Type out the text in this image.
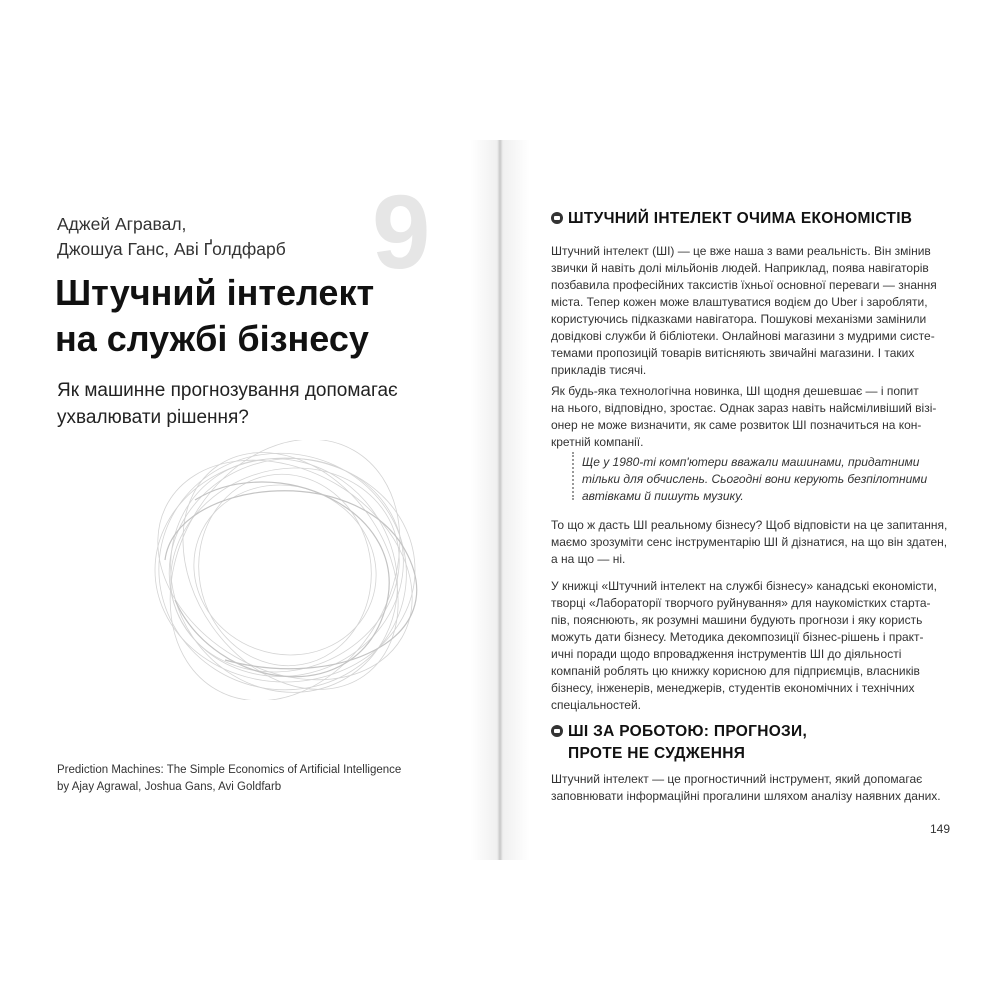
9
Аджей Агравал,
Джошуа Ганс, Аві Ґолдфарб
Штучний інтелект
на службі бізнесу
Як машинне прогнозування допомагає
ухвалювати рішення?
Prediction Machines: The Simple Economics of Artificial Intelligence
by Ajay Agrawal, Joshua Gans, Avi Goldfarb
ШТУЧНИЙ ІНТЕЛЕКТ ОЧИМА ЕКОНОМІСТІВ
Штучний інтелект (ШІ) — це вже наша з вами реальність. Він змінив
звички й навіть долі мільйонів людей. Наприклад, поява навігаторів
позбавила професійних таксистів їхньої основної переваги — знання
міста. Тепер кожен може влаштуватися водієм до Uber і заробляти,
користуючись підказками навігатора. Пошукові механізми замінили
довідкові служби й бібліотеки. Онлайнові магазини з мудрими систе-
темами пропозицій товарів витісняють звичайні магазини. І таких
прикладів тисячі.
Як будь-яка технологічна новинка, ШІ щодня дешевшає — і попит
на нього, відповідно, зростає. Однак зараз навіть найсміливіший візі-
онер не може визначити, як саме розвиток ШІ позначиться на кон-
кретній компанії.
Ще у 1980-ті комп'ютери вважали машинами, придатними
тільки для обчислень. Сьогодні вони керують безпілотними
автівками й пишуть музику.
То що ж дасть ШІ реальному бізнесу? Щоб відповісти на це запитання,
маємо зрозуміти сенс інструментарію ШІ й дізнатися, на що він здатен,
а на що — ні.
У книжці «Штучний інтелект на службі бізнесу» канадські економісти,
творці «Лабораторії творчого руйнування» для наукомістких старта-
пів, пояснюють, як розумні машини будують прогнози і яку користь
можуть дати бізнесу. Методика декомпозиції бізнес-рішень і практ-
ичні поради щодо впровадження інструментів ШІ до діяльності
компаній роблять цю книжку корисною для підприємців, власників
бізнесу, інженерів, менеджерів, студентів економічних і технічних
спеціальностей.
ШІ ЗА РОБОТОЮ: ПРОГНОЗИ,
ПРОТЕ НЕ СУДЖЕННЯ
Штучний інтелект — це прогностичний інструмент, який допомагає
заповнювати інформаційні прогалини шляхом аналізу наявних даних.
149
